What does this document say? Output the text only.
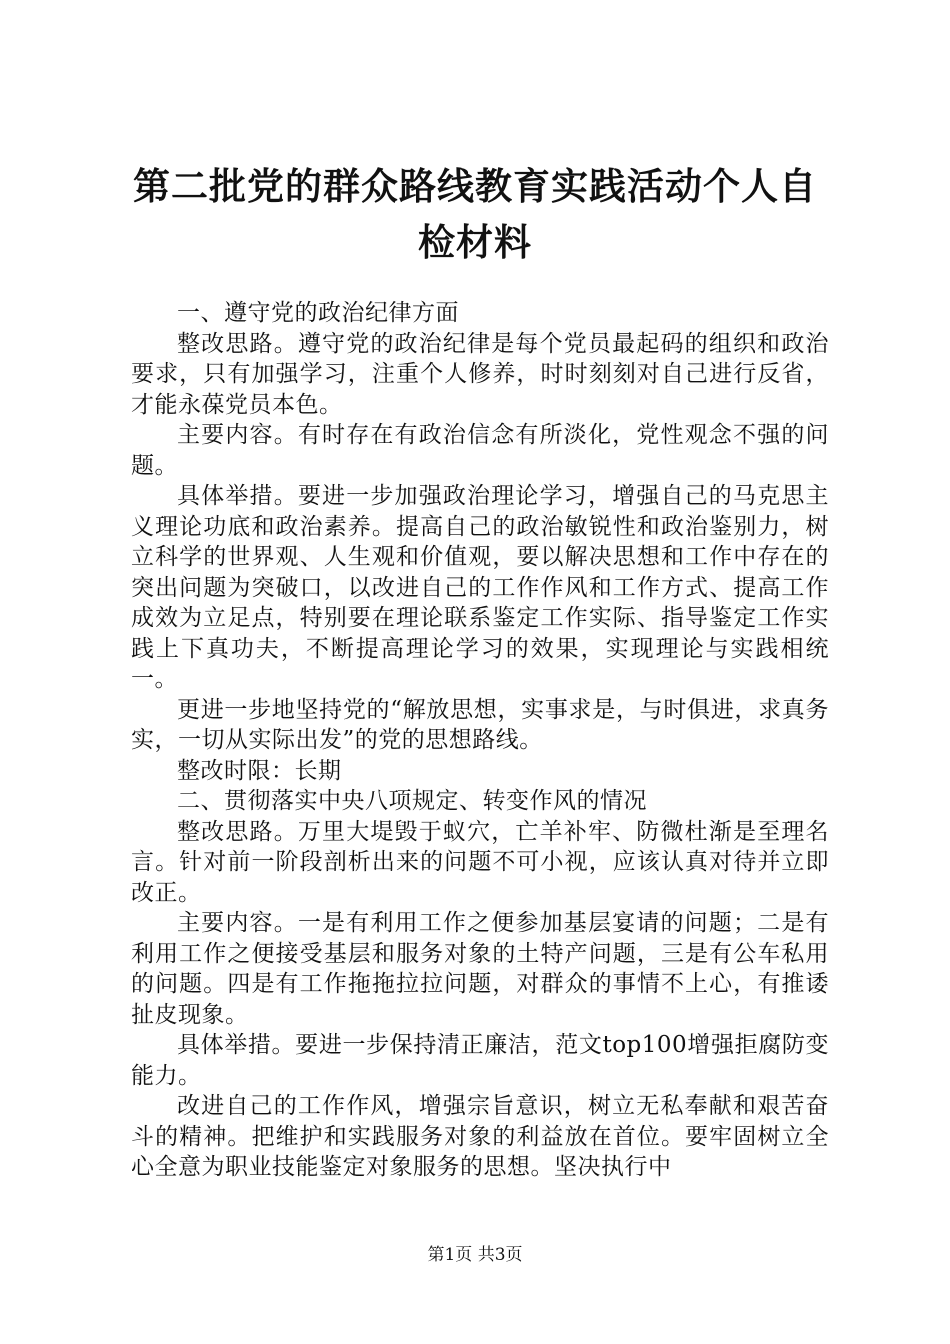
第二批党的群众路线教育实践活动个人自检材料

一、遵守党的政治纪律方面

整改思路。遵守党的政治纪律是每个党员最起码的组织和政治要求，只有加强学习，注重个人修养，时时刻刻对自己进行反省，才能永葆党员本色。

主要内容。有时存在有政治信念有所淡化，党性观念不强的问题。

具体举措。要进一步加强政治理论学习，增强自己的马克思主义理论功底和政治素养。提高自己的政治敏锐性和政治鉴别力，树立科学的世界观、人生观和价值观，要以解决思想和工作中存在的突出问题为突破口，以改进自己的工作作风和工作方式、提高工作成效为立足点，特别要在理论联系鉴定工作实际、指导鉴定工作实践上下真功夫，不断提高理论学习的效果，实现理论与实践相统一。

更进一步地坚持党的“解放思想，实事求是，与时俱进，求真务实，一切从实际出发”的党的思想路线。

整改时限：长期

二、贯彻落实中央八项规定、转变作风的情况

整改思路。万里大堤毁于蚁穴，亡羊补牢、防微杜渐是至理名言。针对前一阶段剖析出来的问题不可小视，应该认真对待并立即改正。

主要内容。一是有利用工作之便参加基层宴请的问题；二是有利用工作之便接受基层和服务对象的土特产问题，三是有公车私用的问题。四是有工作拖拖拉拉问题，对群众的事情不上心，有推诿扯皮现象。

具体举措。要进一步保持清正廉洁，范文top100增强拒腐防变能力。

改进自己的工作作风，增强宗旨意识，树立无私奉献和艰苦奋斗的精神。把维护和实践服务对象的利益放在首位。要牢固树立全心全意为职业技能鉴定对象服务的思想。坚决执行中

第1页 共3页
